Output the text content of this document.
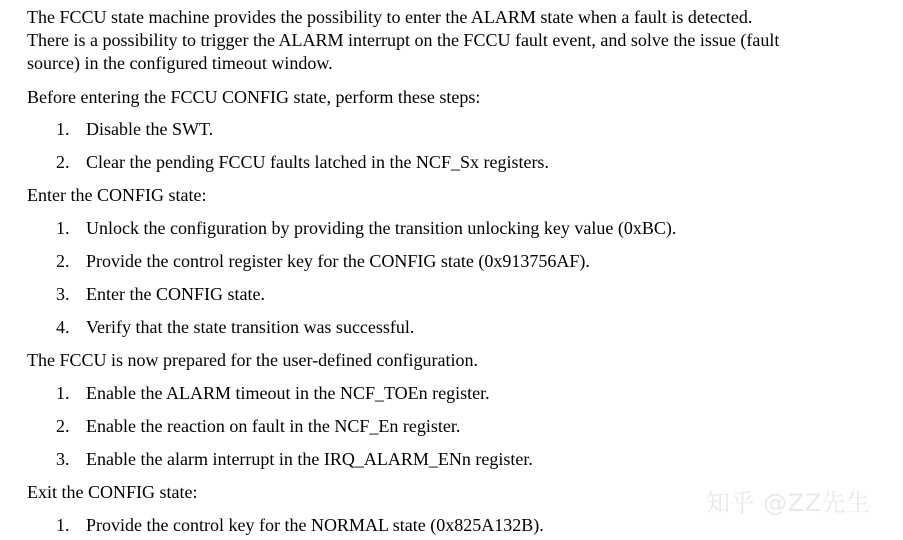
The FCCU state machine provides the possibility to enter the ALARM state when a fault is detected.

There is a possibility to trigger the ALARM interrupt on the FCCU fault event, and solve the issue (fault

source) in the configured timeout window.

Before entering the FCCU CONFIG state, perform these steps:

1. Disable the SWT.

2. Clear the pending FCCU faults latched in the NCF_Sx registers.

Enter the CONFIG state:

1. Unlock the configuration by providing the transition unlocking key value (0xBC).

2. Provide the control register key for the CONFIG state (0x913756AF).

3. Enter the CONFIG state.

4. Verify that the state transition was successful.

The FCCU is now prepared for the user-defined configuration.

1. Enable the ALARM timeout in the NCF_TOEn register.

2. Enable the reaction on fault in the NCF_En register.

3. Enable the alarm interrupt in the IRQ_ALARM_ENn register.

Exit the CONFIG state:

1. Provide the control key for the NORMAL state (0x825A132B).

知乎 @ZZ先生
